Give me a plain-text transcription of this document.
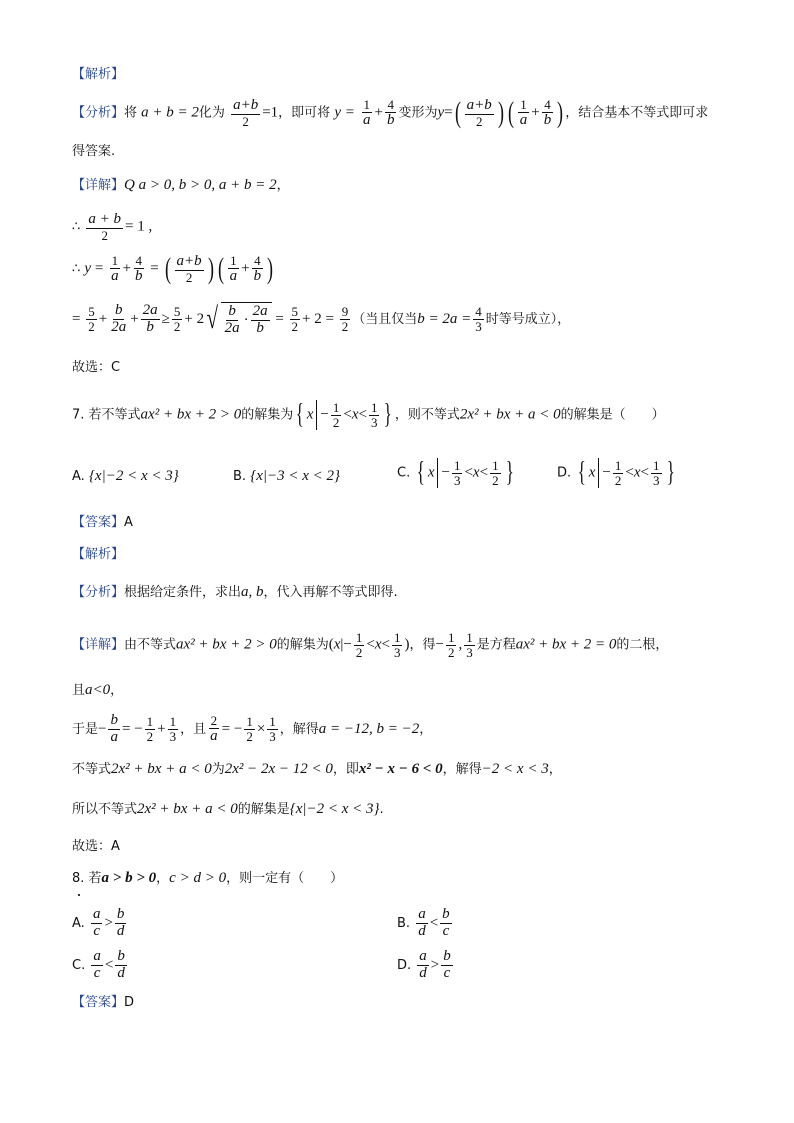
【解析】
【分析】将 a + b = 2化为 $\frac{a+b}{2} =1$，即可将 $y = \frac{1}{a} + \frac{4}{b}$ 变形为$y=( \frac{a+b}{2}$ ) ( $\frac{1}{a} + \frac{4}{b}$ ) ，结合基本不等式即可求
得答案.
【详解】Q a > 0, b > 0, a + b = 2，
∴ $\frac{a + b}{2} = 1$ ,
∴ $y = \frac{1}{a} + \frac{4}{b}$ = ( $\frac{a+b}{2}$ ) ( $\frac{1}{a} + \frac{4}{b}$ )
= $\frac{5}{2} + \frac{b}{2a} + \frac{2a}{b} \ge \frac{5}{2} + 2$ √ $\frac{b}{2a} \cdot \frac{2a}{b} = \frac{5}{2} + 2 = \frac{9}{2}$ （当且仅当$b = 2a = \frac{4}{3}$ 时等号成立），
故选：C
7. 若不等式ax² + bx + 2 > 0的解集为{ $x - \frac{1}{2} <x< \frac{1}{3}$ } ，则不等式2x² + bx + a < 0的解集是（　　）
A. {x|−2 < x < 3}	B. {x|−3 < x < 2}	C. { $x - \frac{1}{3} <x< \frac{1}{2}$ }	D. { $x - \frac{1}{2} <x< \frac{1}{3}$ }
【答案】A
【解析】
【分析】根据给定条件，求出a, b，代入再解不等式即得.
【详解】由不等式ax² + bx + 2 > 0的解集为($x|- \frac{1}{2} <x< \frac{1}{3}$ )，得− $\frac{1}{2}$ , $\frac{1}{3}$ 是方程ax² + bx + 2 = 0的二根，
且a<0，
于是− $\frac{b}{a}$ = − $\frac{1}{2} + \frac{1}{3}$ ，且 $\frac{2}{a}$ = − $\frac{1}{2} \times \frac{1}{3}$ ，解得a = −12, b = −2，
不等式2x² + bx + a < 0为2x² − 2x − 12 < 0，即x² − x − 6 < 0，解得−2 < x < 3，
所以不等式2x² + bx + a < 0的解集是{x|−2 < x < 3}.
故选：A
8. 若a > b > 0，c > d > 0，则一定有（　　）
A. $\frac{a}{c} > \frac{b}{d}$	B. $\frac{a}{d} < \frac{b}{c}$
C. $\frac{a}{c} < \frac{b}{d}$	D. $\frac{a}{d} > \frac{b}{c}$
【答案】D
